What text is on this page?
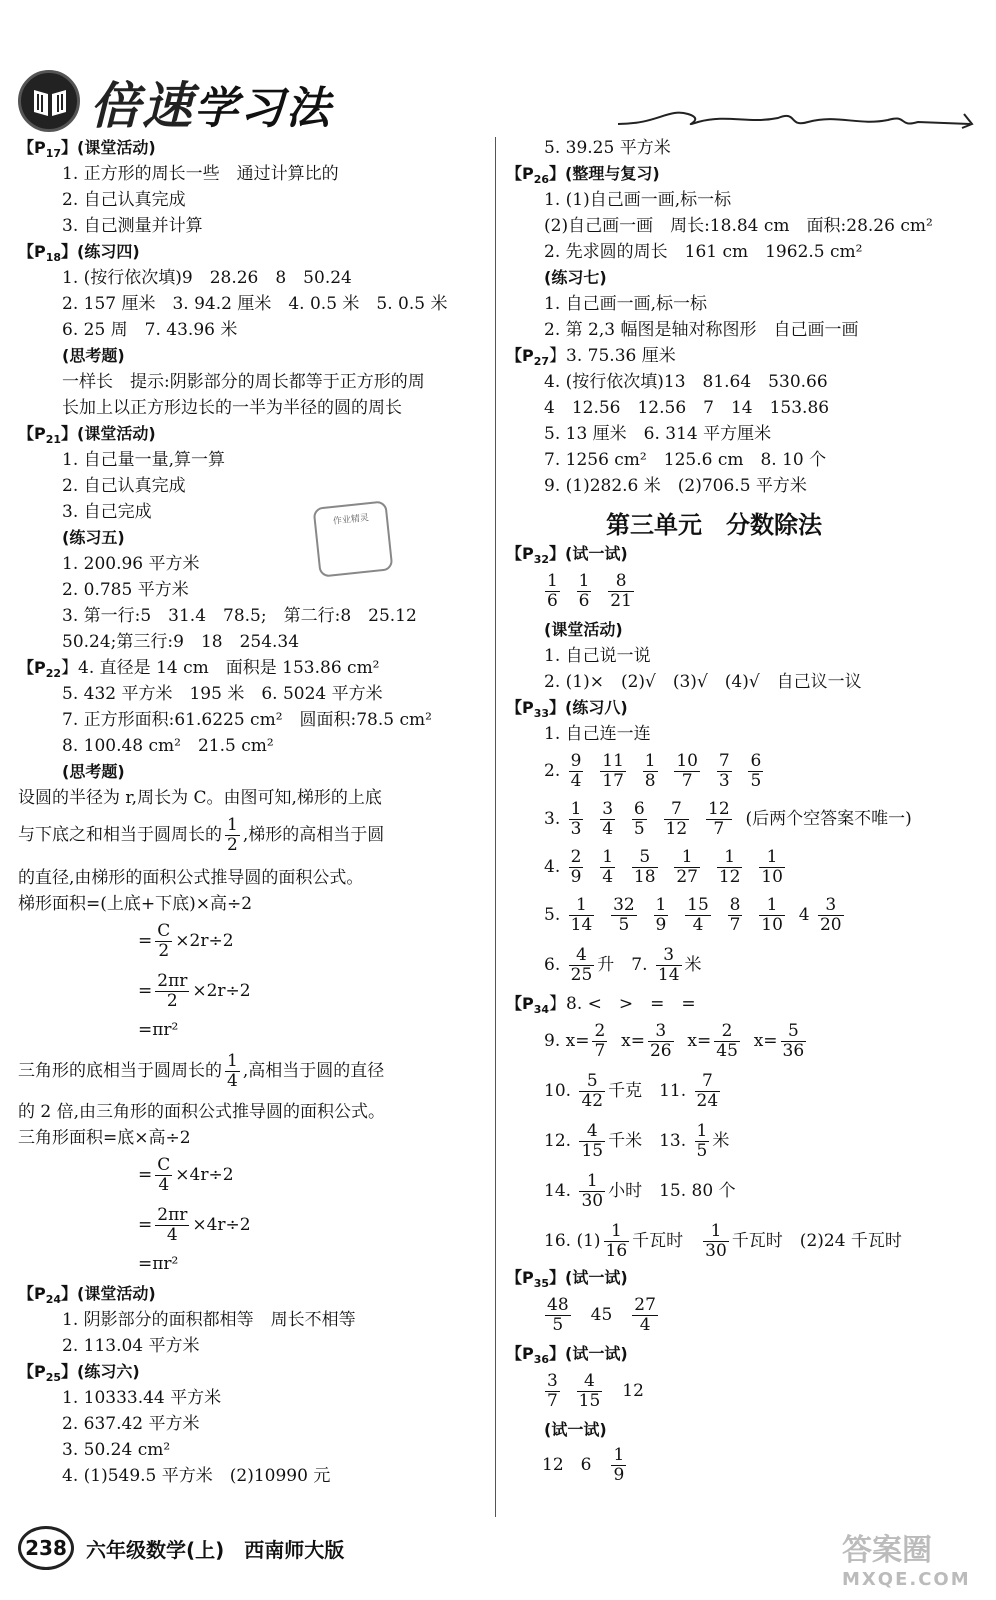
倍速学习法
【$P_{17}$】(课堂活动)
1. 正方形的周长一些　通过计算比的
2. 自己认真完成
3. 自己测量并计算
【$P_{18}$】(练习四)
1. (按行依次填)9　28.26　8　50.24
2. 157 厘米　3. 94.2 厘米　4. 0.5 米　5. 0.5 米
6. 25 周　7. 43.96 米
(思考题)
一样长　提示:阴影部分的周长都等于正方形的周
长加上以正方形边长的一半为半径的圆的周长
【$P_{21}$】(课堂活动)
1. 自己量一量,算一算
2. 自己认真完成
3. 自己完成
(练习五)
1. 200.96 平方米
2. 0.785 平方米
3. 第一行:5　31.4　78.5;　第二行:8　25.12
50.24;第三行:9　18　254.34
【$P_{22}$】4. 直径是 14 cm　面积是 153.86 cm²
5. 432 平方米　195 米　6. 5024 平方米
7. 正方形面积:61.6225 cm²　圆面积:78.5 cm²
8. 100.48 cm²　21.5 cm²
(思考题)
设圆的半径为 r,周长为 C。由图可知,梯形的上底
与下底之和相当于圆周长的 $\frac{1}{2}$ ,梯形的高相当于圆
的直径,由梯形的面积公式推导圆的面积公式。
梯形面积=(上底+下底)×高÷2
= $\frac{C}{2} \times 2r\div 2$
= $\frac{2\pi r}{2} \times 2r\div 2$
=πr²
三角形的底相当于圆周长的 $\frac{1}{4}$ ,高相当于圆的直径
的 2 倍,由三角形的面积公式推导圆的面积公式。
三角形面积=底×高÷2
= $\frac{C}{4} \times 4r\div 2$
= $\frac{2\pi r}{4} \times 4r\div 2$
=πr²
【$P_{24}$】(课堂活动)
1. 阴影部分的面积都相等　周长不相等
2. 113.04 平方米
【$P_{25}$】(练习六)
1. 10333.44 平方米
2. 637.42 平方米
3. 50.24 cm²
4. (1)549.5 平方米　(2)10990 元
作业精灵
5. 39.25 平方米
【$P_{26}$】(整理与复习)
1. (1)自己画一画,标一标
(2)自己画一画　周长:18.84 cm　面积:28.26 cm²
2. 先求圆的周长　161 cm　1962.5 cm²
(练习七)
1. 自己画一画,标一标
2. 第 2,3 幅图是轴对称图形　自己画一画
【$P_{27}$】3. 75.36 厘米
4. (按行依次填)13　81.64　530.66
4　12.56　12.56　7　14　153.86
5. 13 厘米　6. 314 平方厘米
7. 1256 cm²　125.6 cm　8. 10 个
9. (1)282.6 米　(2)706.5 平方米
第三单元　分数除法
【$P_{32}$】(试一试)
$\frac{1}{6}$
$\frac{1}{6}$
$\frac{8}{21}$
(课堂活动)
1. 自己说一说
2. (1)×　(2)√　(3)√　(4)√　自己议一议
【$P_{33}$】(练习八)
1. 自己连一连
2. $\frac{9}{4}$
$\frac{11}{17}$
$\frac{1}{8}$
$\frac{10}{7}$
$\frac{7}{3}$
$\frac{6}{5}$

3. $\frac{1}{3}$
$\frac{3}{4}$
$\frac{6}{5}$
$\frac{7}{12}$
$\frac{12}{7}$ (后两个空答案不唯一)
4. $\frac{2}{9}$
$\frac{1}{4}$
$\frac{5}{18}$
$\frac{1}{27}$
$\frac{1}{12}$
$\frac{1}{10}$

5. $\frac{1}{14}$
$\frac{32}{5}$
$\frac{1}{9}$
$\frac{15}{4}$
$\frac{8}{7}$
$\frac{1}{10} 4 \frac{3}{20}$
6. $\frac{4}{25}$ 升　7. $\frac{3}{14}$ 米
【$P_{34}$】8. <　>　=　=
9. $x= \frac{2}{7} x= \frac{3}{26} x= \frac{2}{45} x= \frac{5}{36}$

10. $\frac{5}{42}$ 千克　11. $\frac{7}{24}$
12. $\frac{4}{15}$ 千米　13. $\frac{1}{5}$ 米
14. $\frac{1}{30}$ 小时　15. 80 个
16. $(1) \frac{1}{16}$ 千瓦时　 $\frac{1}{30}$ 千瓦时　(2)24 千瓦时
【$P_{35}$】(试一试)
$\frac{48}{5}$ 　45　 $\frac{27}{4}$
【$P_{36}$】(试一试)
$\frac{3}{7}$
$\frac{4}{15}$ 　12
(试一试)
12　6　 $\frac{1}{9}$
238 六年级数学(上)　西南师大版	答案圈
MXQE.COM
